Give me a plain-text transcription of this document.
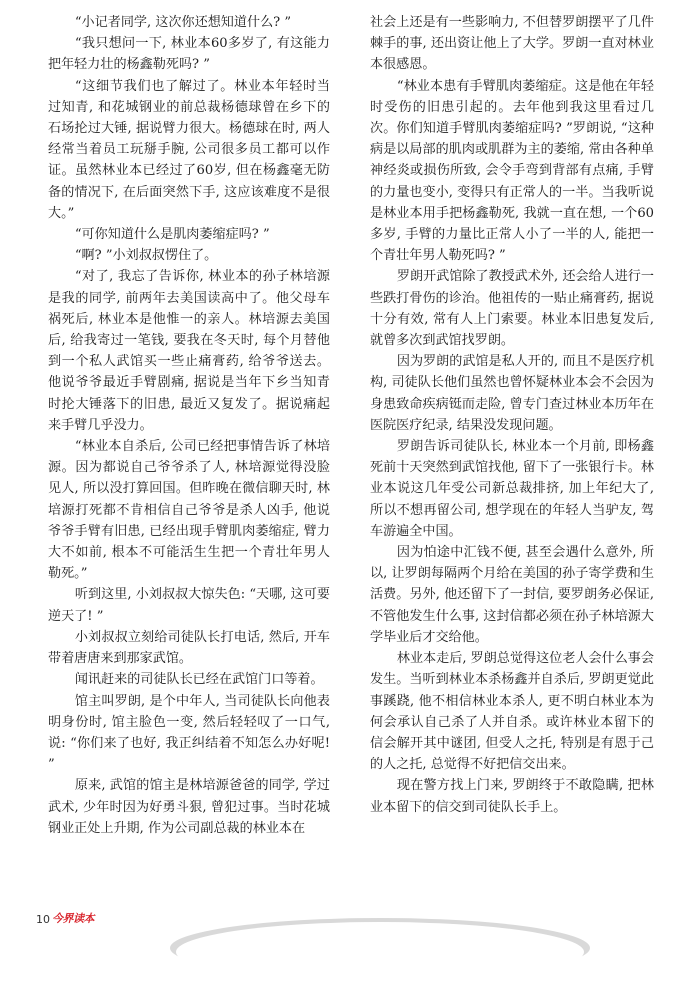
“小记者同学, 这次你还想知道什么? ”

“我只想问一下, 林业本60多岁了, 有这能力把年轻力壮的杨鑫勒死吗? ”

“这细节我们也了解过了。林业本年轻时当过知青, 和花城钢业的前总裁杨德球曾在乡下的石场抡过大锤, 据说臂力很大。杨德球在时, 两人经常当着员工玩掰手腕, 公司很多员工都可以作证。虽然林业本已经过了60岁, 但在杨鑫毫无防备的情况下, 在后面突然下手, 这应该难度不是很大。”

“可你知道什么是肌肉萎缩症吗? ”

“啊? ”小刘叔叔愣住了。

“对了, 我忘了告诉你, 林业本的孙子林培源是我的同学, 前两年去美国读高中了。他父母车祸死后, 林业本是他惟一的亲人。林培源去美国后, 给我寄过一笔钱, 要我在冬天时, 每个月替他到一个私人武馆买一些止痛膏药, 给爷爷送去。他说爷爷最近手臂剧痛, 据说是当年下乡当知青时抡大锤落下的旧患, 最近又复发了。据说痛起来手臂几乎没力。

“林业本自杀后, 公司已经把事情告诉了林培源。因为都说自己爷爷杀了人, 林培源觉得没脸见人, 所以没打算回国。但昨晚在微信聊天时, 林培源打死都不肯相信自己爷爷是杀人凶手, 他说爷爷手臂有旧患, 已经出现手臂肌肉萎缩症, 臂力大不如前, 根本不可能活生生把一个青壮年男人勒死。”

听到这里, 小刘叔叔大惊失色: “天哪, 这可要逆天了! ”

小刘叔叔立刻给司徒队长打电话, 然后, 开车带着唐唐来到那家武馆。

闻讯赶来的司徒队长已经在武馆门口等着。

馆主叫罗朗, 是个中年人, 当司徒队长向他表明身份时, 馆主脸色一变, 然后轻轻叹了一口气, 说: “你们来了也好, 我正纠结着不知怎么办好呢! ”

原来, 武馆的馆主是林培源爸爸的同学, 学过武术, 少年时因为好勇斗狠, 曾犯过事。当时花城钢业正处上升期, 作为公司副总裁的林业本在

社会上还是有一些影响力, 不但替罗朗摆平了几件棘手的事, 还出资让他上了大学。罗朗一直对林业本很感恩。

“林业本患有手臂肌肉萎缩症。这是他在年轻时受伤的旧患引起的。去年他到我这里看过几次。你们知道手臂肌肉萎缩症吗? ”罗朗说, “这种病是以局部的肌肉或肌群为主的萎缩, 常由各种单神经炎或损伤所致, 会令手弯到背部有点痛, 手臂的力量也变小, 变得只有正常人的一半。当我听说是林业本用手把杨鑫勒死, 我就一直在想, 一个60多岁, 手臂的力量比正常人小了一半的人, 能把一个青壮年男人勒死吗? ”

罗朗开武馆除了教授武术外, 还会给人进行一些跌打骨伤的诊治。他祖传的一贴止痛膏药, 据说十分有效, 常有人上门索要。林业本旧患复发后, 就曾多次到武馆找罗朗。

因为罗朗的武馆是私人开的, 而且不是医疗机构, 司徒队长他们虽然也曾怀疑林业本会不会因为身患致命疾病铤而走险, 曾专门查过林业本历年在医院医疗纪录, 结果没发现问题。

罗朗告诉司徒队长, 林业本一个月前, 即杨鑫死前十天突然到武馆找他, 留下了一张银行卡。林业本说这几年受公司新总裁排挤, 加上年纪大了, 所以不想再留公司, 想学现在的年轻人当驴友, 驾车游遍全中国。

因为怕途中汇钱不便, 甚至会遇什么意外, 所以, 让罗朗每隔两个月给在美国的孙子寄学费和生活费。另外, 他还留下了一封信, 要罗朗务必保证, 不管他发生什么事, 这封信都必须在孙子林培源大学毕业后才交给他。

林业本走后, 罗朗总觉得这位老人会什么事会发生。当听到林业本杀杨鑫并自杀后, 罗朗更觉此事蹊跷, 他不相信林业本杀人, 更不明白林业本为何会承认自己杀了人并自杀。或许林业本留下的信会解开其中谜团, 但受人之托, 特别是有恩于己的人之托, 总觉得不好把信交出来。

现在警方找上门来, 罗朗终于不敢隐瞒, 把林业本留下的信交到司徒队长手上。

10 今界读本
